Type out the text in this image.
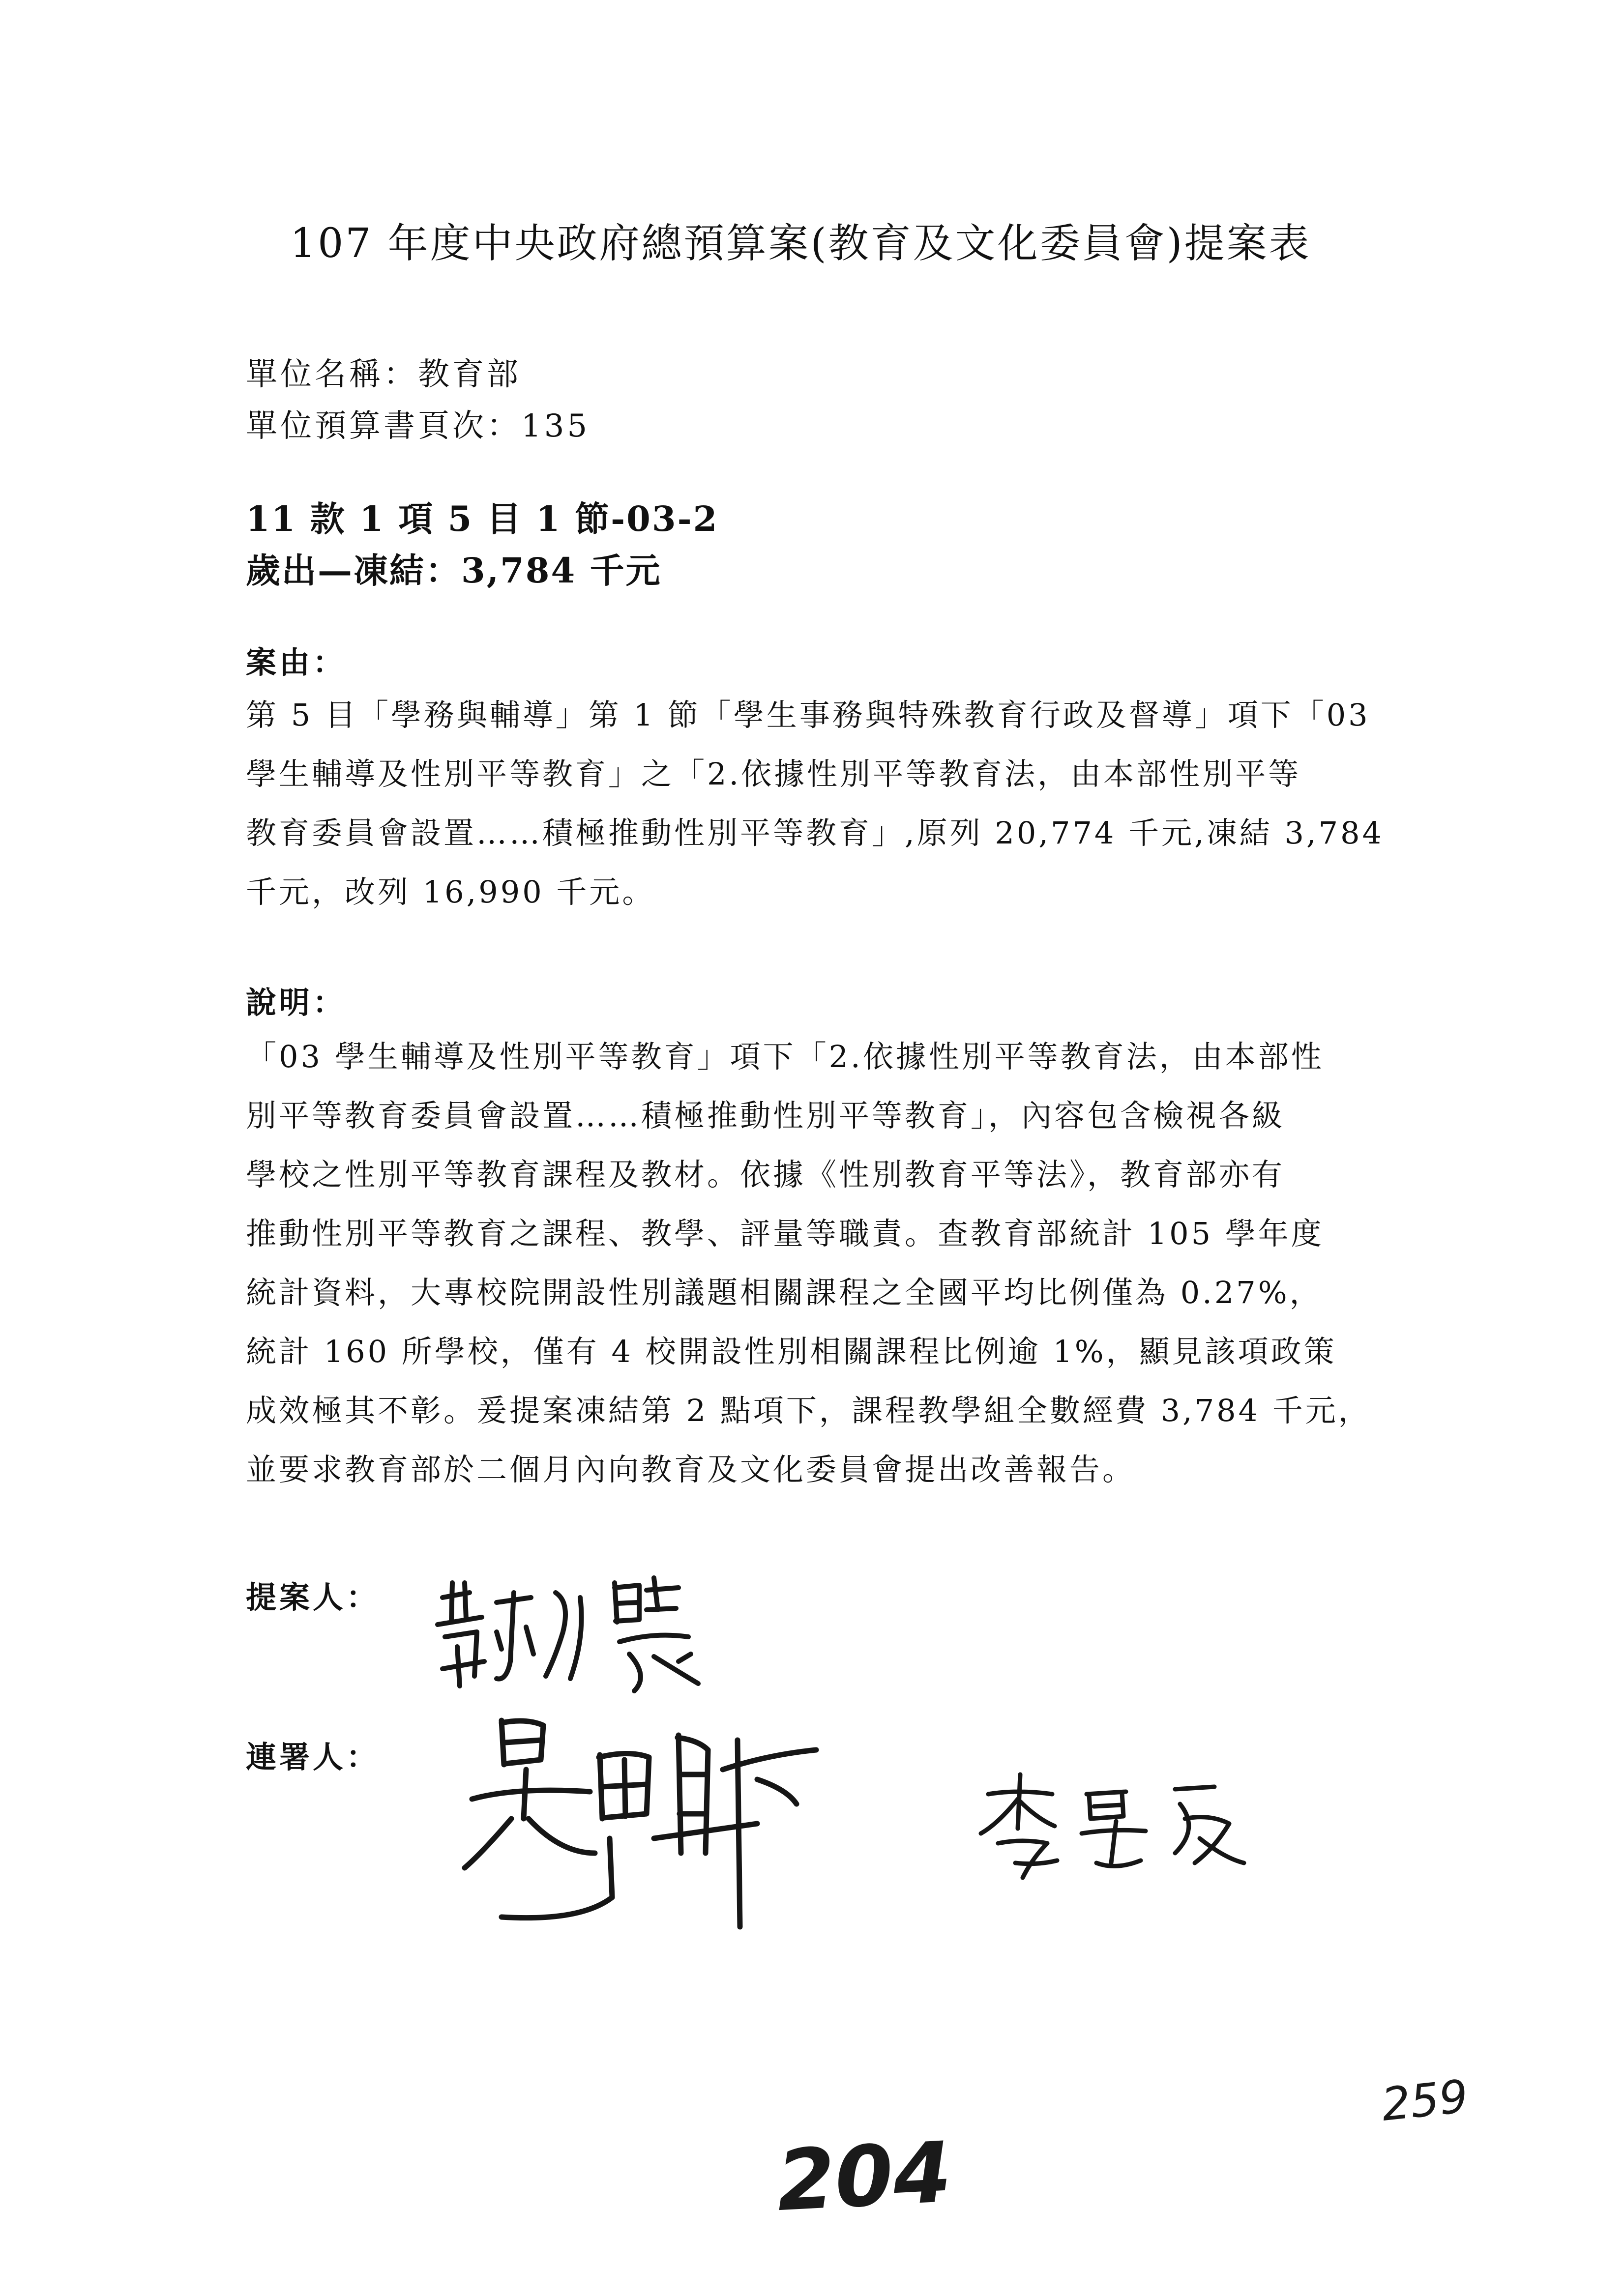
107 年度中央政府總預算案(教育及文化委員會)提案表
單位名稱：教育部
單位預算書頁次：135
11 款 1 項 5 目 1 節-03-2
歲出—凍結：3,784 千元
案由：
第 5 目「學務與輔導」第 1 節「學生事務與特殊教育行政及督導」項下「03
學生輔導及性別平等教育」之「2.依據性別平等教育法，由本部性別平等
教育委員會設置……積極推動性別平等教育」,原列 20,774 千元,凍結 3,784
千元，改列 16,990 千元。
說明：
「03 學生輔導及性別平等教育」項下「2.依據性別平等教育法，由本部性
別平等教育委員會設置……積極推動性別平等教育」，內容包含檢視各級
學校之性別平等教育課程及教材。依據《性別教育平等法》，教育部亦有
推動性別平等教育之課程、教學、評量等職責。查教育部統計 105 學年度
統計資料，大專校院開設性別議題相關課程之全國平均比例僅為 0.27%，
統計 160 所學校，僅有 4 校開設性別相關課程比例逾 1%，顯見該項政策
成效極其不彰。爰提案凍結第 2 點項下，課程教學組全數經費 3,784 千元，
並要求教育部於二個月內向教育及文化委員會提出改善報告。
提案人：
連署人：
259
204
